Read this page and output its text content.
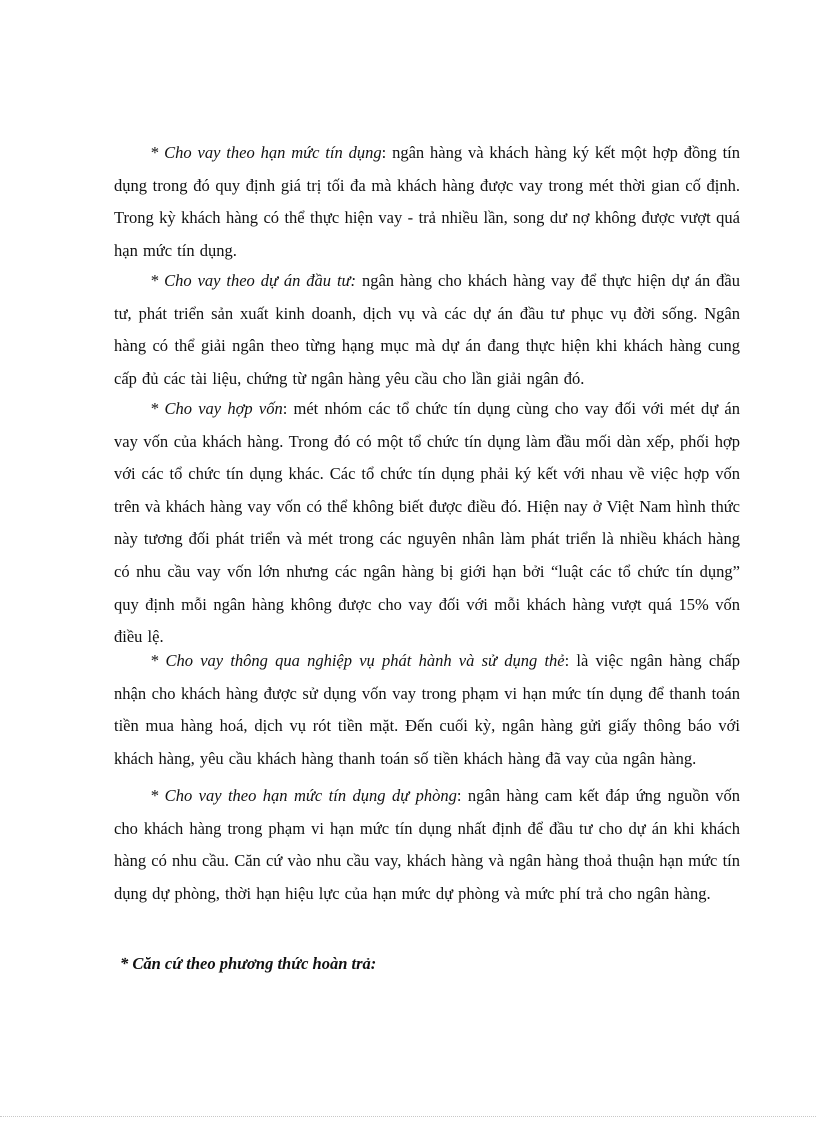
* Cho vay theo hạn mức tín dụng: ngân hàng và khách hàng ký kết một hợp đồng tín dụng trong đó quy định giá trị tối đa mà khách hàng được vay trong mét thời gian cố định. Trong kỳ khách hàng có thể thực hiện vay - trả nhiều lần, song dư nợ không được vượt quá hạn mức tín dụng.

* Cho vay theo dự án đầu tư: ngân hàng cho khách hàng vay để thực hiện dự án đầu tư, phát triển sản xuất kinh doanh, dịch vụ và các dự án đầu tư phục vụ đời sống. Ngân hàng có thể giải ngân theo từng hạng mục mà dự án đang thực hiện khi khách hàng cung cấp đủ các tài liệu, chứng từ ngân hàng yêu cầu cho lần giải ngân đó.

* Cho vay hợp vốn: mét nhóm các tổ chức tín dụng cùng cho vay đối với mét dự án vay vốn của khách hàng. Trong đó có một tổ chức tín dụng làm đầu mối dàn xếp, phối hợp với các tổ chức tín dụng khác. Các tổ chức tín dụng phải ký kết với nhau về việc hợp vốn trên và khách hàng vay vốn có thể không biết được điều đó. Hiện nay ở Việt Nam hình thức này tương đối phát triển và mét trong các nguyên nhân làm phát triển là nhiều khách hàng có nhu cầu vay vốn lớn nhưng các ngân hàng bị giới hạn bởi “luật các tổ chức tín dụng” quy định mỗi ngân hàng không được cho vay đối với mỗi khách hàng vượt quá 15% vốn điều lệ.

* Cho vay thông qua nghiệp vụ phát hành và sử dụng thẻ: là việc ngân hàng chấp nhận cho khách hàng được sử dụng vốn vay trong phạm vi hạn mức tín dụng để thanh toán tiền mua hàng hoá, dịch vụ rót tiền mặt. Đến cuối kỳ, ngân hàng gửi giấy thông báo với khách hàng, yêu cầu khách hàng thanh toán số tiền khách hàng đã vay của ngân hàng.

* Cho vay theo hạn mức tín dụng dự phòng: ngân hàng cam kết đáp ứng nguồn vốn cho khách hàng trong phạm vi hạn mức tín dụng nhất định để đầu tư cho dự án khi khách hàng có nhu cầu. Căn cứ vào nhu cầu vay, khách hàng và ngân hàng thoả thuận hạn mức tín dụng dự phòng, thời hạn hiệu lực của hạn mức dự phòng và mức phí trả cho ngân hàng.

* Căn cứ theo phương thức hoàn trả:
